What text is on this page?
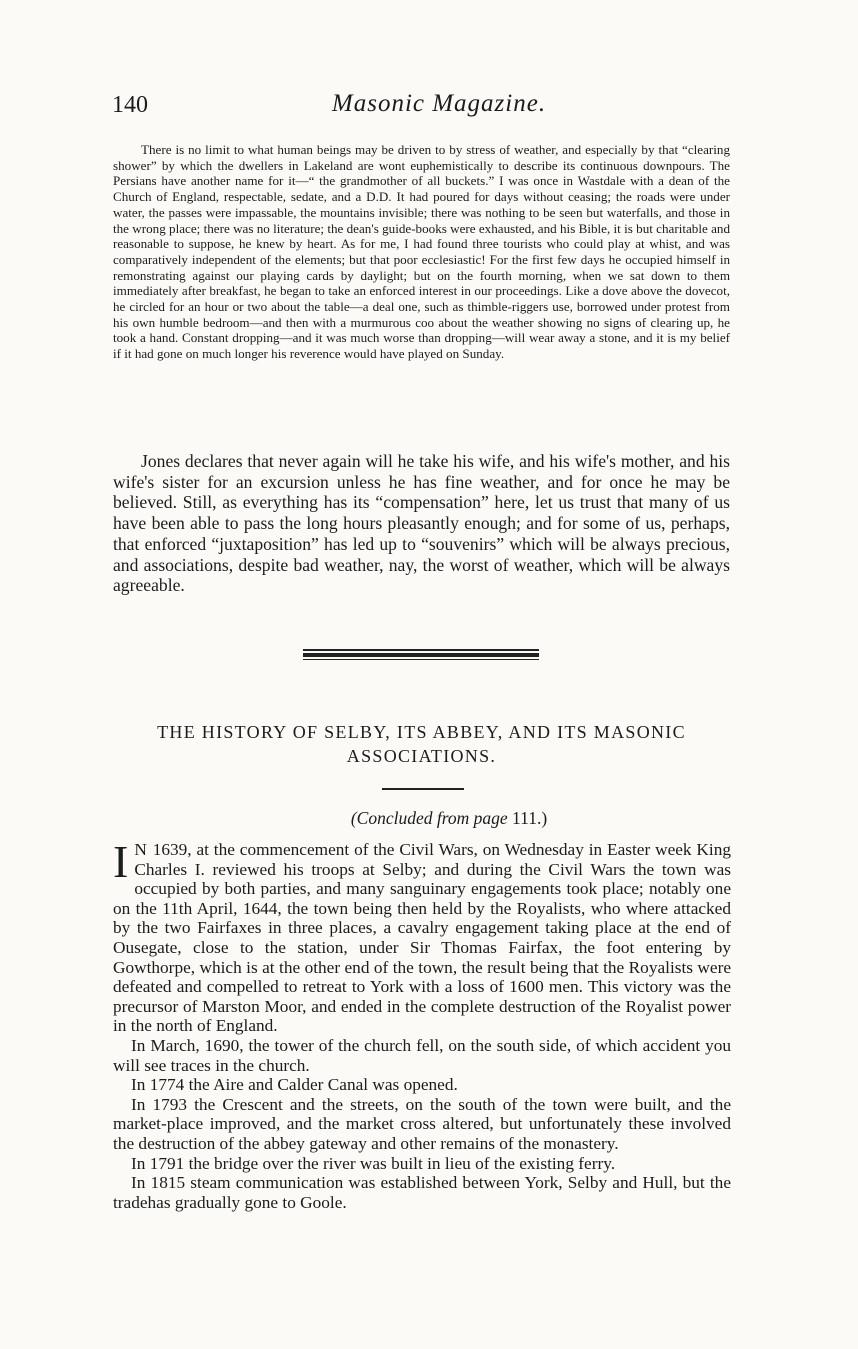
140	Masonic Magazine.

There is no limit to what human beings may be driven to by stress of weather, and especially by that “clearing shower” by which the dwellers in Lakeland are wont euphemistically to describe its continuous downpours. The Persians have another name for it—“ the grandmother of all buckets.” I was once in Wastdale with a dean of the Church of England, respectable, sedate, and a D.D. It had poured for days without ceasing; the roads were under water, the passes were impassable, the mountains invisible; there was nothing to be seen but waterfalls, and those in the wrong place; there was no literature; the dean's guide-books were exhausted, and his Bible, it is but charitable and reasonable to suppose, he knew by heart. As for me, I had found three tourists who could play at whist, and was comparatively independent of the elements; but that poor ecclesiastic! For the first few days he occupied himself in remonstrating against our playing cards by daylight; but on the fourth morning, when we sat down to them immediately after breakfast, he began to take an enforced interest in our proceedings. Like a dove above the dovecot, he circled for an hour or two about the table—a deal one, such as thimble-riggers use, borrowed under protest from his own humble bedroom—and then with a murmurous coo about the weather showing no signs of clearing up, he took a hand. Constant dropping—and it was much worse than dropping—will wear away a stone, and it is my belief if it had gone on much longer his reverence would have played on Sunday.

Jones declares that never again will he take his wife, and his wife's mother, and his wife's sister for an excursion unless he has fine weather, and for once he may be believed. Still, as everything has its “compensation” here, let us trust that many of us have been able to pass the long hours pleasantly enough; and for some of us, perhaps, that enforced “juxtaposition” has led up to “souvenirs” which will be always precious, and associations, despite bad weather, nay, the worst of weather, which will be always agreeable.

THE HISTORY OF SELBY, ITS ABBEY, AND ITS MASONIC
ASSOCIATIONS.
(Concluded from page 111.)

I N 1639, at the commencement of the Civil Wars, on Wednesday in Easter week King Charles I. reviewed his troops at Selby; and during the Civil Wars the town was occupied by both parties, and many sanguinary engagements took place; notably one on the 11th April, 1644, the town being then held by the Royalists, who where attacked by the two Fairfaxes in three places, a cavalry engagement taking place at the end of Ousegate, close to the station, under Sir Thomas Fairfax, the foot entering by Gowthorpe, which is at the other end of the town, the result being that the Royalists were defeated and compelled to retreat to York with a loss of 1600 men. This victory was the precursor of Marston Moor, and ended in the complete destruction of the Royalist power in the north of England.

In March, 1690, the tower of the church fell, on the south side, of which accident you will see traces in the church.

In 1774 the Aire and Calder Canal was opened.

In 1793 the Crescent and the streets, on the south of the town were built, and the market-place improved, and the market cross altered, but unfortunately these involved the destruction of the abbey gateway and other remains of the monastery.

In 1791 the bridge over the river was built in lieu of the existing ferry.

In 1815 steam communication was established between York, Selby and Hull, but the tradehas gradually gone to Goole.
